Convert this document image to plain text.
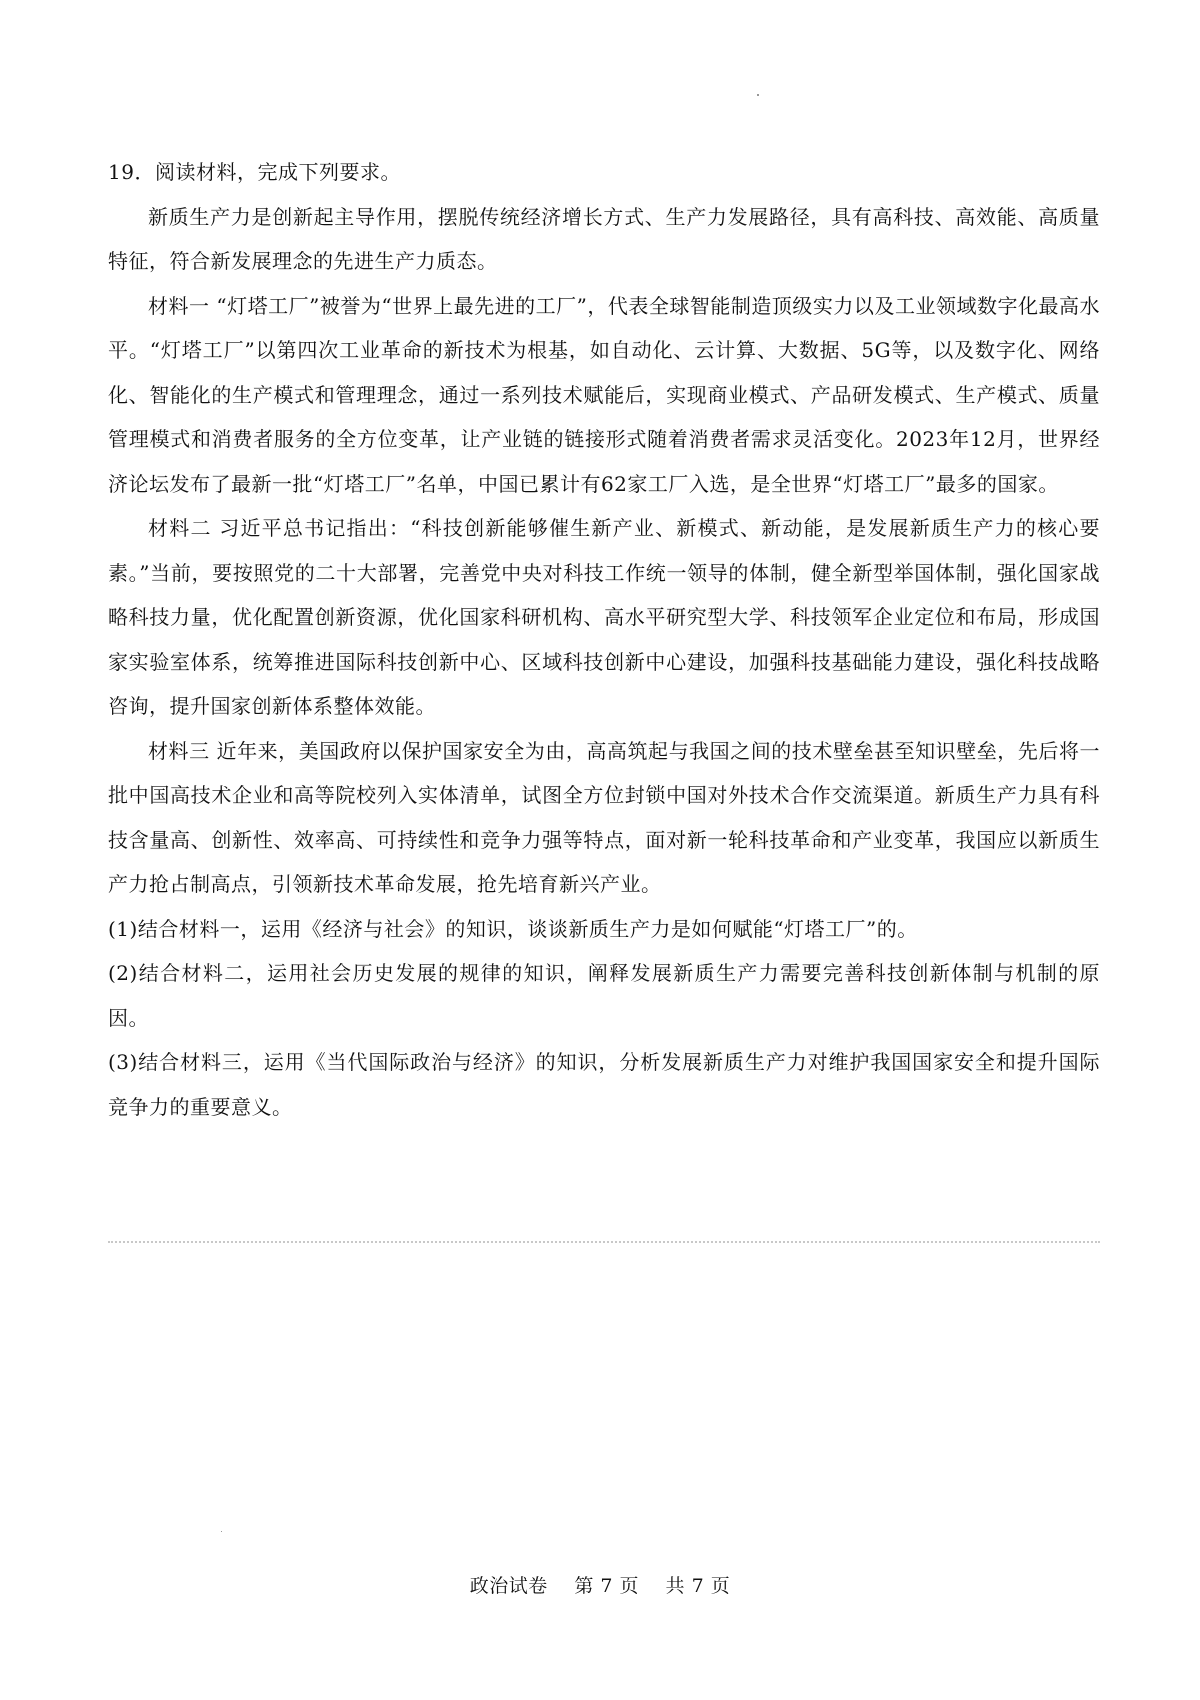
19．阅读材料，完成下列要求。

新质生产力是创新起主导作用，摆脱传统经济增长方式、生产力发展路径，具有高科技、高效能、高质量特征，符合新发展理念的先进生产力质态。

材料一 “灯塔工厂”被誉为“世界上最先进的工厂”，代表全球智能制造顶级实力以及工业领域数字化最高水平。“灯塔工厂”以第四次工业革命的新技术为根基，如自动化、云计算、大数据、5G等，以及数字化、网络化、智能化的生产模式和管理理念，通过一系列技术赋能后，实现商业模式、产品研发模式、生产模式、质量管理模式和消费者服务的全方位变革，让产业链的链接形式随着消费者需求灵活变化。2023年12月，世界经济论坛发布了最新一批“灯塔工厂”名单，中国已累计有62家工厂入选，是全世界“灯塔工厂”最多的国家。

材料二 习近平总书记指出：“科技创新能够催生新产业、新模式、新动能，是发展新质生产力的核心要素。”当前，要按照党的二十大部署，完善党中央对科技工作统一领导的体制，健全新型举国体制，强化国家战略科技力量，优化配置创新资源，优化国家科研机构、高水平研究型大学、科技领军企业定位和布局，形成国家实验室体系，统筹推进国际科技创新中心、区域科技创新中心建设，加强科技基础能力建设，强化科技战略咨询，提升国家创新体系整体效能。

材料三 近年来，美国政府以保护国家安全为由，高高筑起与我国之间的技术壁垒甚至知识壁垒，先后将一批中国高技术企业和高等院校列入实体清单，试图全方位封锁中国对外技术合作交流渠道。新质生产力具有科技含量高、创新性、效率高、可持续性和竞争力强等特点，面对新一轮科技革命和产业变革，我国应以新质生产力抢占制高点，引领新技术革命发展，抢先培育新兴产业。

(1)结合材料一，运用《经济与社会》的知识，谈谈新质生产力是如何赋能“灯塔工厂”的。

(2)结合材料二，运用社会历史发展的规律的知识，阐释发展新质生产力需要完善科技创新体制与机制的原因。

(3)结合材料三，运用《当代国际政治与经济》的知识，分析发展新质生产力对维护我国国家安全和提升国际竞争力的重要意义。

政治试卷 第 7 页 共 7 页
